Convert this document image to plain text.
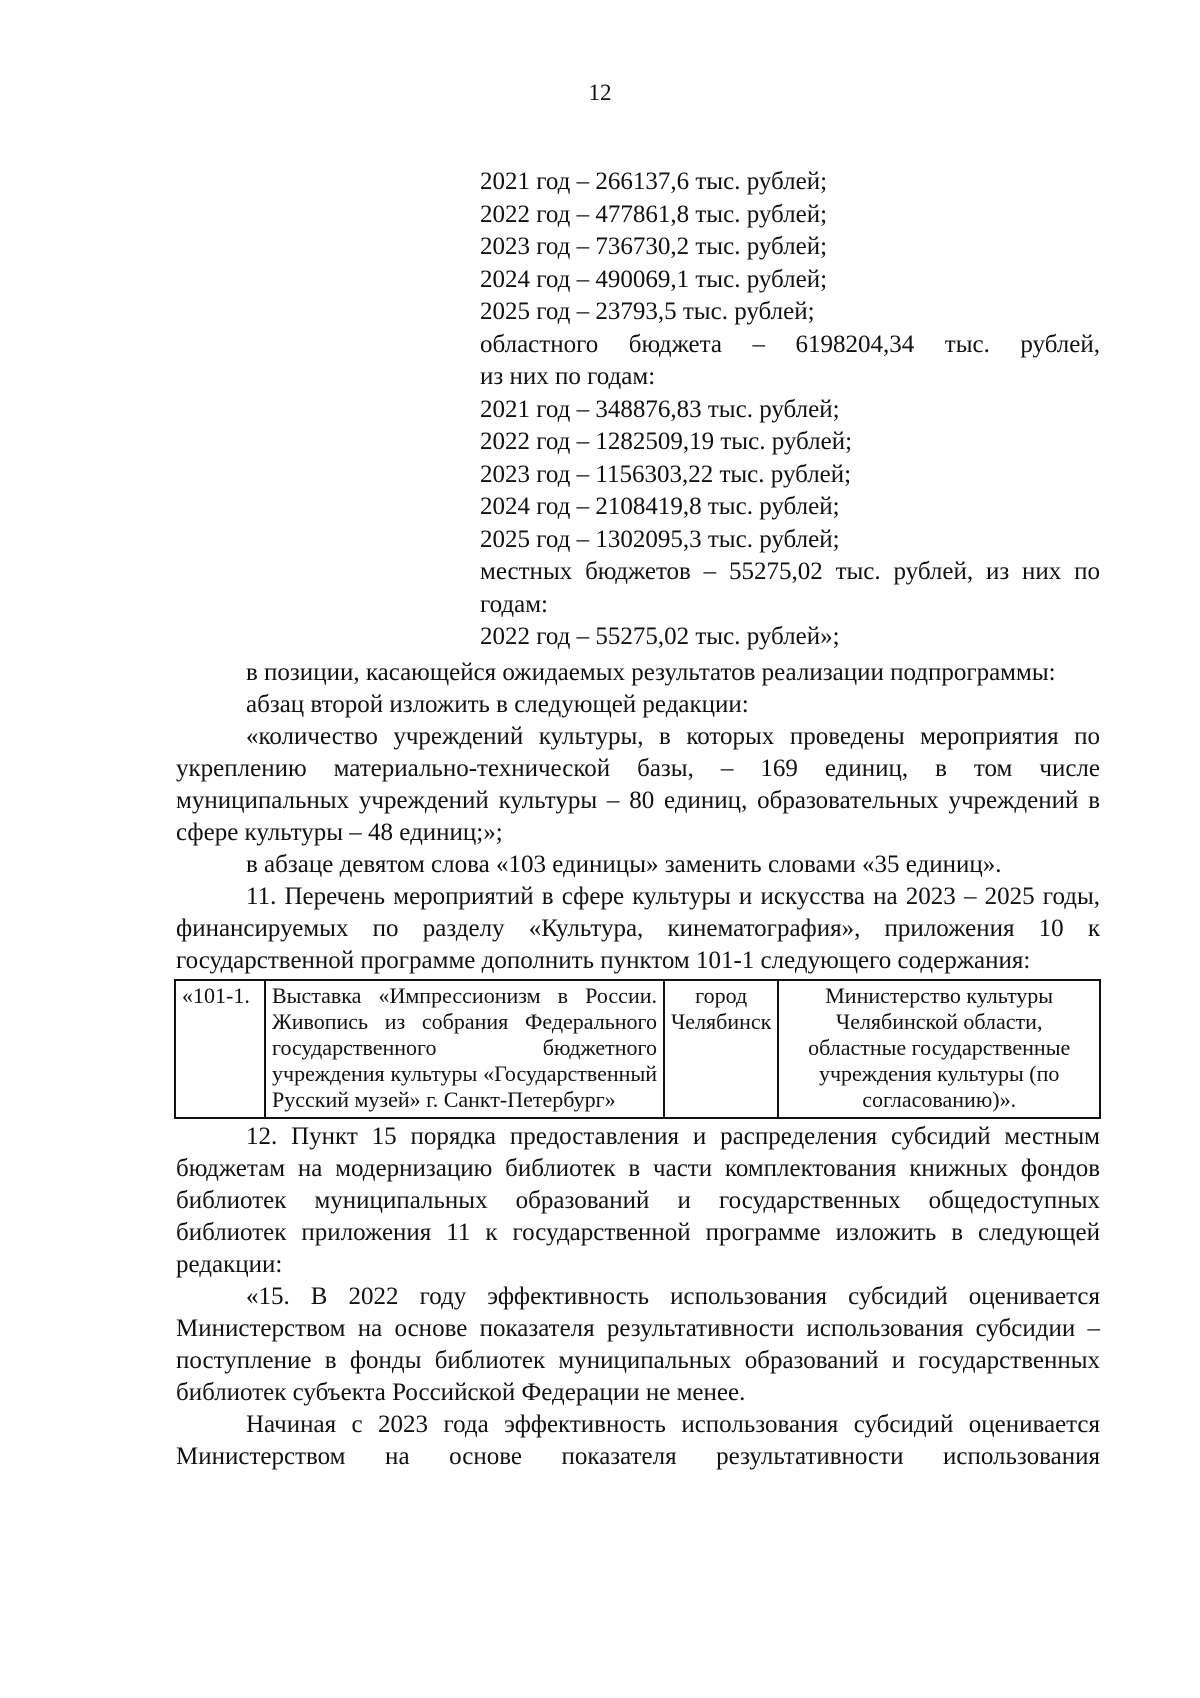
12
2021 год – 266137,6 тыс. рублей;
2022 год – 477861,8 тыс. рублей;
2023 год – 736730,2 тыс. рублей;
2024 год – 490069,1 тыс. рублей;
2025 год – 23793,5 тыс. рублей;
областного бюджета – 6198204,34 тыс. рублей,
из них по годам:
2021 год – 348876,83 тыс. рублей;
2022 год – 1282509,19 тыс. рублей;
2023 год – 1156303,22 тыс. рублей;
2024 год – 2108419,8 тыс. рублей;
2025 год – 1302095,3 тыс. рублей;
местных бюджетов – 55275,02 тыс. рублей, из них по
годам:
2022 год – 55275,02 тыс. рублей»;

в позиции, касающейся ожидаемых результатов реализации подпрограммы:

абзац второй изложить в следующей редакции:

«количество учреждений культуры, в которых проведены мероприятия по укреплению материально-технической базы, – 169 единиц, в том числе муниципальных учреждений культуры – 80 единиц, образовательных учреждений в сфере культуры – 48 единиц;»;

в абзаце девятом слова «103 единицы» заменить словами «35 единиц».

11. Перечень мероприятий в сфере культуры и искусства на 2023 – 2025 годы, финансируемых по разделу «Культура, кинематография», приложения 10 к государственной программе дополнить пунктом 101-1 следующего содержания:

«101-1.	Выставка «Импрессионизм в России. Живопись из собрания Федерального государственного бюджетного учреждения культуры «Государственный Русский музей» г. Санкт-Петербург»	город Челябинск	Министерство культуры Челябинской области, областные государственные учреждения культуры (по согласованию)».

12. Пункт 15 порядка предоставления и распределения субсидий местным бюджетам на модернизацию библиотек в части комплектования книжных фондов библиотек муниципальных образований и государственных общедоступных библиотек приложения 11 к государственной программе изложить в следующей редакции:

«15. В 2022 году эффективность использования субсидий оценивается Министерством на основе показателя результативности использования субсидии – поступление в фонды библиотек муниципальных образований и государственных библиотек субъекта Российской Федерации не менее.

Начиная с 2023 года эффективность использования субсидий оценивается Министерством на основе показателя результативности использования
